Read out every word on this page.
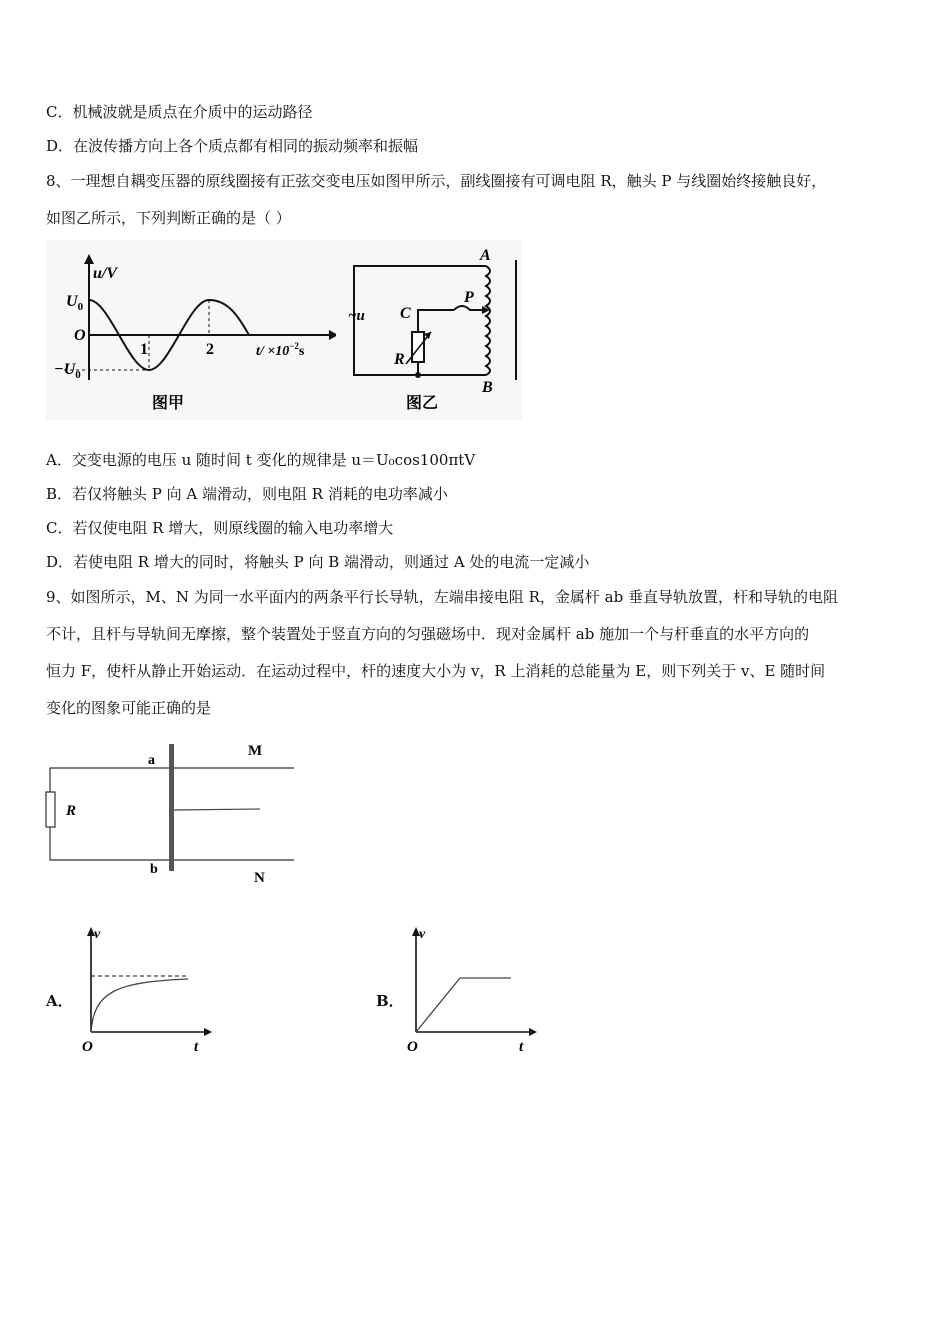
C．机械波就是质点在介质中的运动路径
D．在波传播方向上各个质点都有相同的振动频率和振幅
8、一理想自耦变压器的原线圈接有正弦交变电压如图甲所示，副线圈接有可调电阻 R，触头 P 与线圈始终接触良好，
如图乙所示，下列判断正确的是（ ）
u/V
$U_0$
O
$-U_0$
1	2	$t/ \times 10^{-2}s$
图甲
~u
A
B
C
P
R
图乙
A．交变电源的电压 u 随时间 t 变化的规律是 u＝U₀cos100πtV
B．若仅将触头 P 向 A 端滑动，则电阻 R 消耗的电功率减小
C．若仅使电阻 R 增大，则原线圈的输入电功率增大
D．若使电阻 R 增大的同时，将触头 P 向 B 端滑动，则通过 A 处的电流一定减小
9、如图所示，M、N 为同一水平面内的两条平行长导轨，左端串接电阻 R，金属杆 ab 垂直导轨放置，杆和导轨的电阻
不计，且杆与导轨间无摩擦，整个装置处于竖直方向的匀强磁场中．现对金属杆 ab 施加一个与杆垂直的水平方向的
恒力 F，使杆从静止开始运动．在运动过程中，杆的速度大小为 v，R 上消耗的总能量为 E，则下列关于 v、E 随时间
变化的图象可能正确的是
M
N
a
b
R
A．
v
O	t
B．
v
O	t
